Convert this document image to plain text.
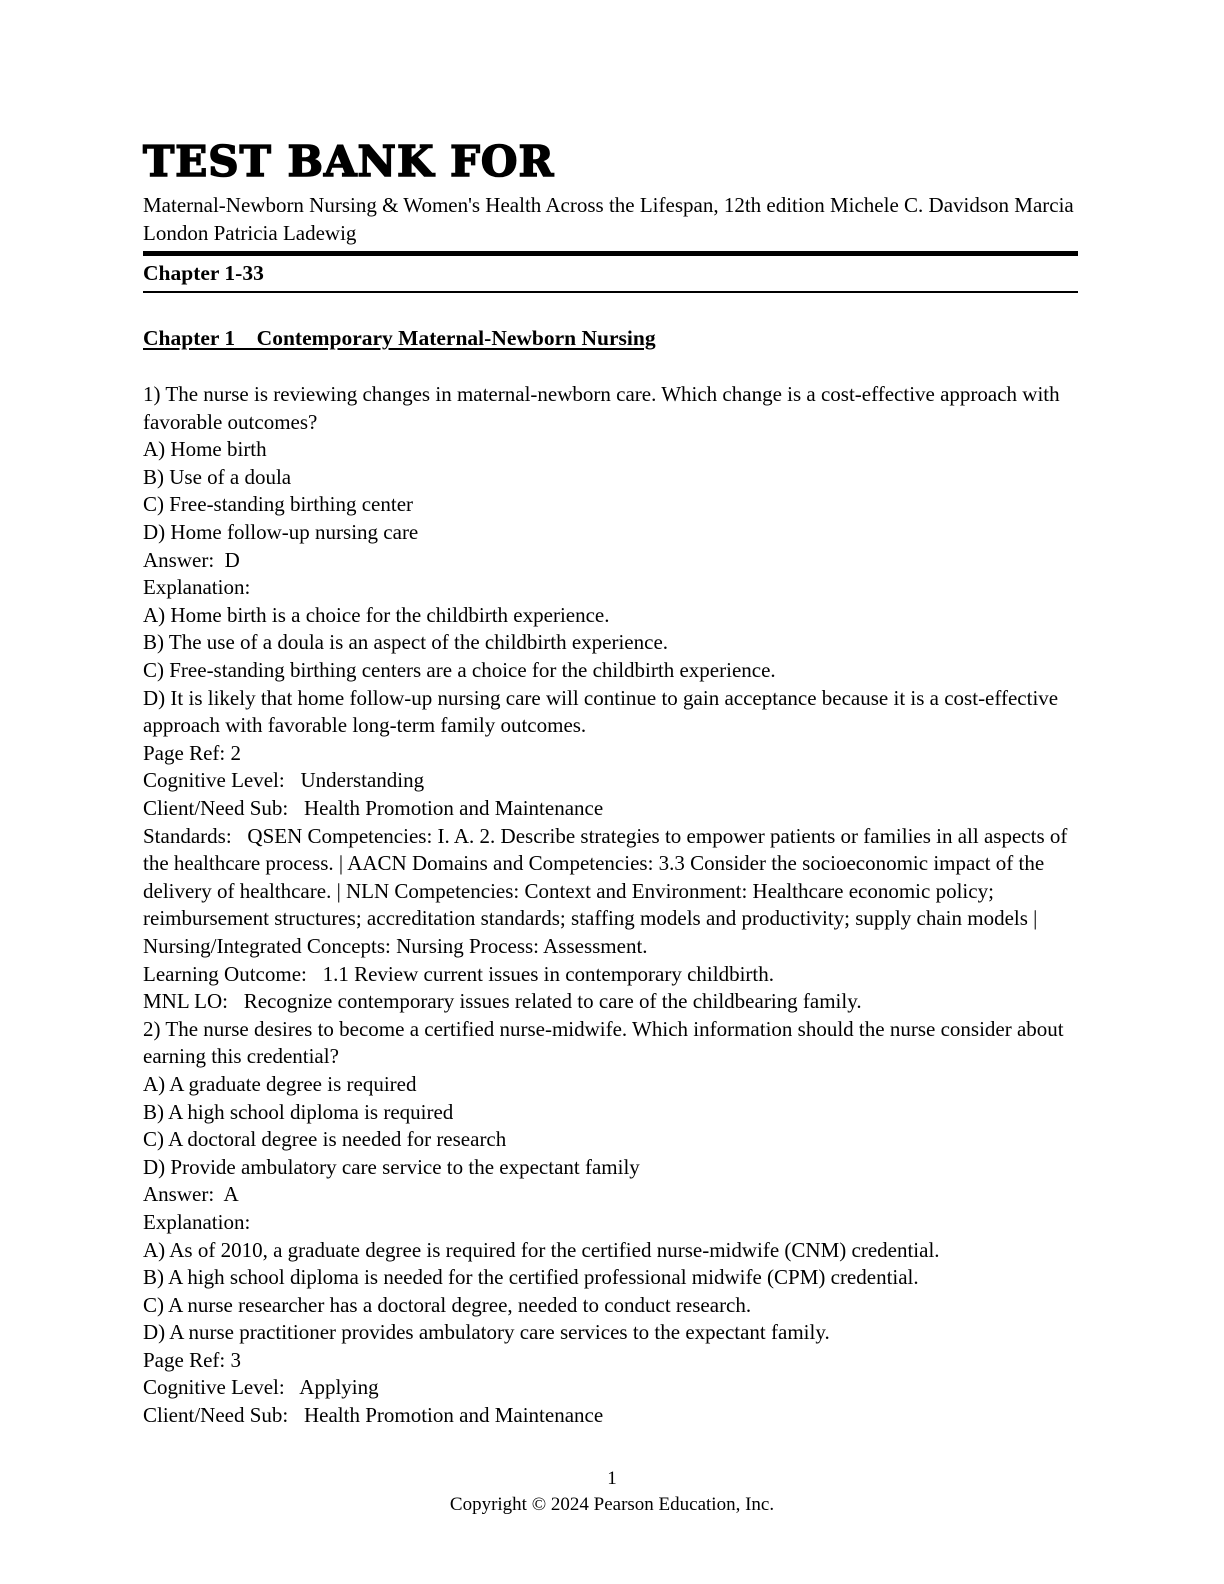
TEST BANK FOR

Maternal-Newborn Nursing & Women's Health Across the Lifespan, 12th edition Michele C. Davidson Marcia London Patricia Ladewig

Chapter 1-33

Chapter 1    Contemporary Maternal-Newborn Nursing

1) The nurse is reviewing changes in maternal-newborn care. Which change is a cost-effective approach with favorable outcomes?

A) Home birth

B) Use of a doula

C) Free-standing birthing center

D) Home follow-up nursing care

Answer:  D

Explanation:

A) Home birth is a choice for the childbirth experience.

B) The use of a doula is an aspect of the childbirth experience.

C) Free-standing birthing centers are a choice for the childbirth experience.

D) It is likely that home follow-up nursing care will continue to gain acceptance because it is a cost-effective approach with favorable long-term family outcomes.

Page Ref: 2

Cognitive Level:   Understanding

Client/Need Sub:   Health Promotion and Maintenance

Standards:   QSEN Competencies: I. A. 2. Describe strategies to empower patients or families in all aspects of the healthcare process. | AACN Domains and Competencies: 3.3 Consider the socioeconomic impact of the delivery of healthcare. | NLN Competencies: Context and Environment: Healthcare economic policy; reimbursement structures; accreditation standards; staffing models and productivity; supply chain models | Nursing/Integrated Concepts: Nursing Process: Assessment.

Learning Outcome:   1.1 Review current issues in contemporary childbirth.

MNL LO:   Recognize contemporary issues related to care of the childbearing family.

2) The nurse desires to become a certified nurse-midwife. Which information should the nurse consider about earning this credential?

A) A graduate degree is required

B) A high school diploma is required

C) A doctoral degree is needed for research

D) Provide ambulatory care service to the expectant family

Answer:  A

Explanation:

A) As of 2010, a graduate degree is required for the certified nurse-midwife (CNM) credential.

B) A high school diploma is needed for the certified professional midwife (CPM) credential.

C) A nurse researcher has a doctoral degree, needed to conduct research.

D) A nurse practitioner provides ambulatory care services to the expectant family.

Page Ref: 3

Cognitive Level:   Applying

Client/Need Sub:   Health Promotion and Maintenance

1
Copyright © 2024 Pearson Education, Inc.
